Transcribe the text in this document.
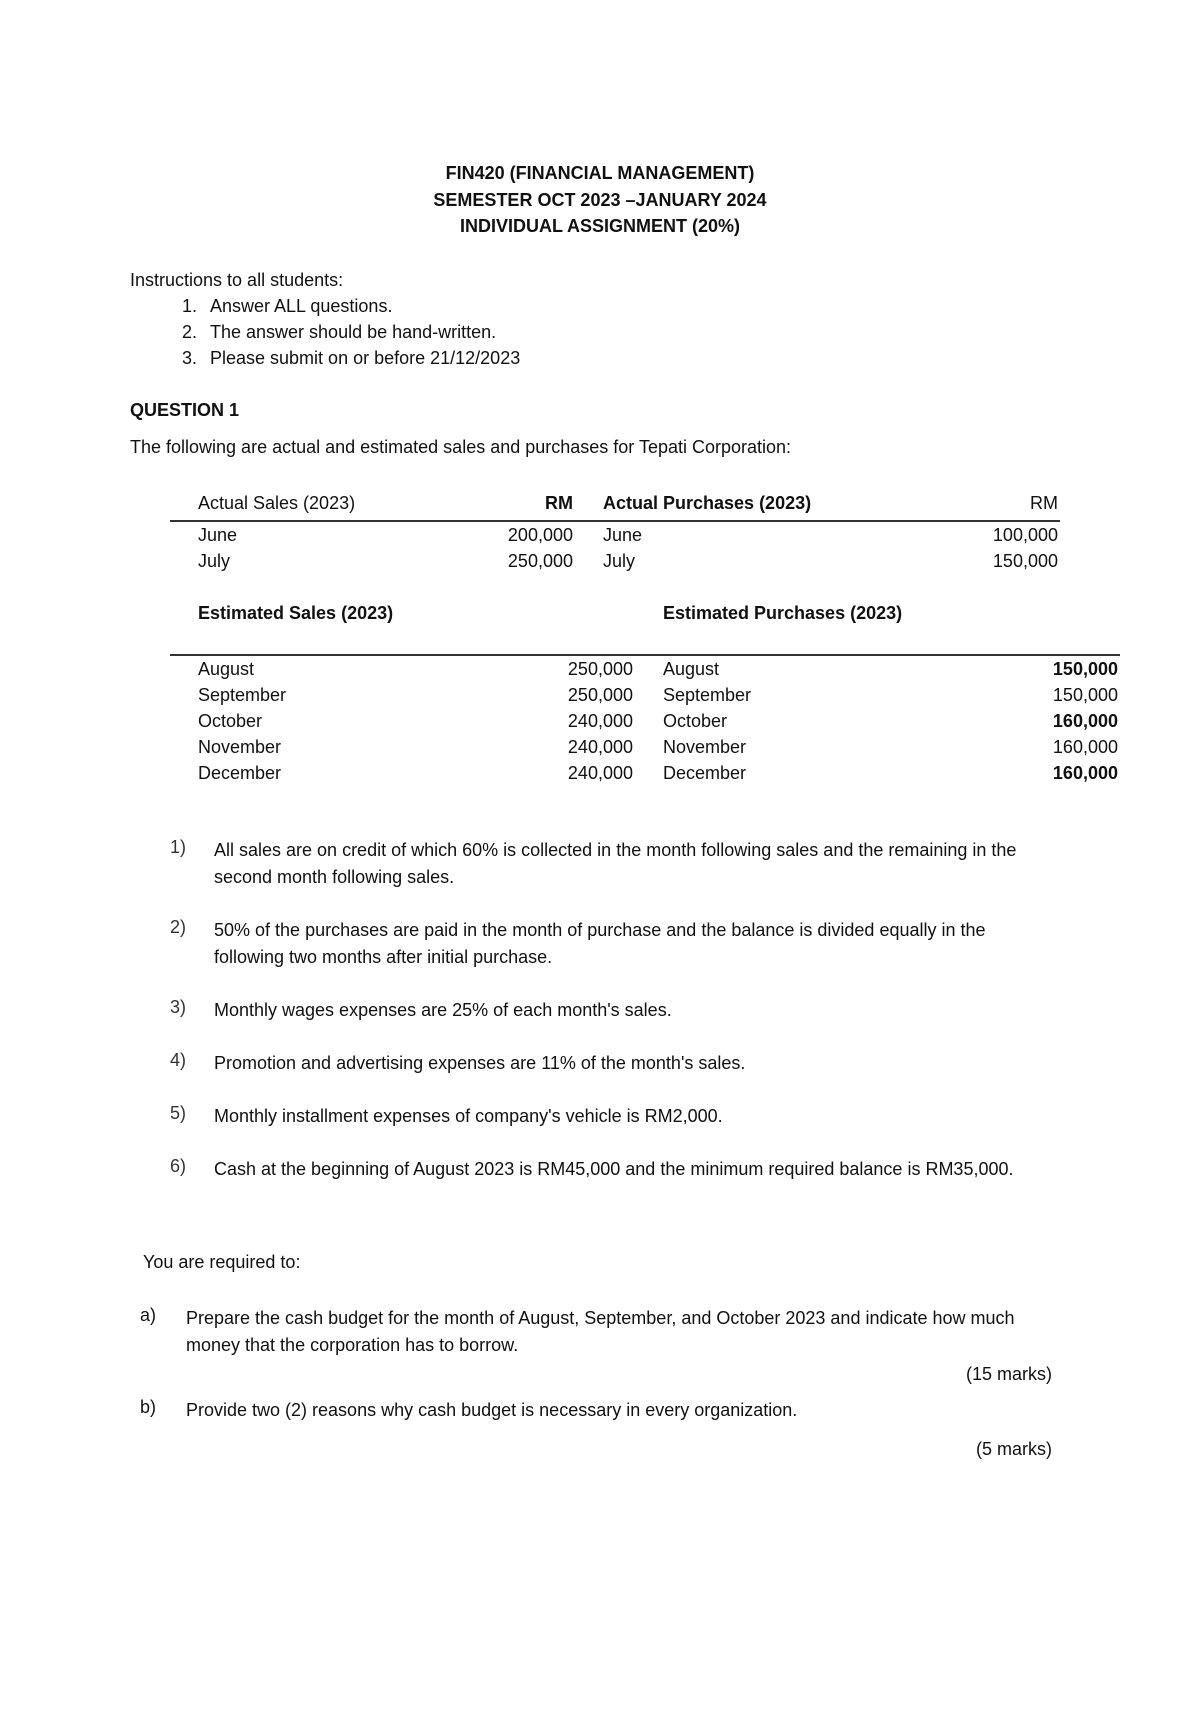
FIN420 (FINANCIAL MANAGEMENT)
SEMESTER OCT 2023 –JANUARY 2024
INDIVIDUAL ASSIGNMENT (20%)
Instructions to all students:
1. Answer ALL questions.
2. The answer should be hand-written.
3. Please submit on or before 21/12/2023
QUESTION 1
The following are actual and estimated sales and purchases for Tepati Corporation:
Actual Sales (2023)	RM	Actual Purchases (2023)	RM
June	200,000	June	100,000
July	250,000	July	150,000
Estimated Sales (2023)		Estimated Purchases (2023)	
August	250,000	August	150,000
September	250,000	September	150,000
October	240,000	October	160,000
November	240,000	November	160,000
December	240,000	December	160,000
1)	All sales are on credit of which 60% is collected in the month following sales and the remaining in the second month following sales.
2)	50% of the purchases are paid in the month of purchase and the balance is divided equally in the following two months after initial purchase.
3)	Monthly wages expenses are 25% of each month's sales.
4)	Promotion and advertising expenses are 11% of the month's sales.
5)	Monthly installment expenses of company's vehicle is RM2,000.
6)	Cash at the beginning of August 2023 is RM45,000 and the minimum required balance is RM35,000.
You are required to:
a)	Prepare the cash budget for the month of August, September, and October 2023 and indicate how much money that the corporation has to borrow.
(15 marks)
b)	Provide two (2) reasons why cash budget is necessary in every organization.
(5 marks)
